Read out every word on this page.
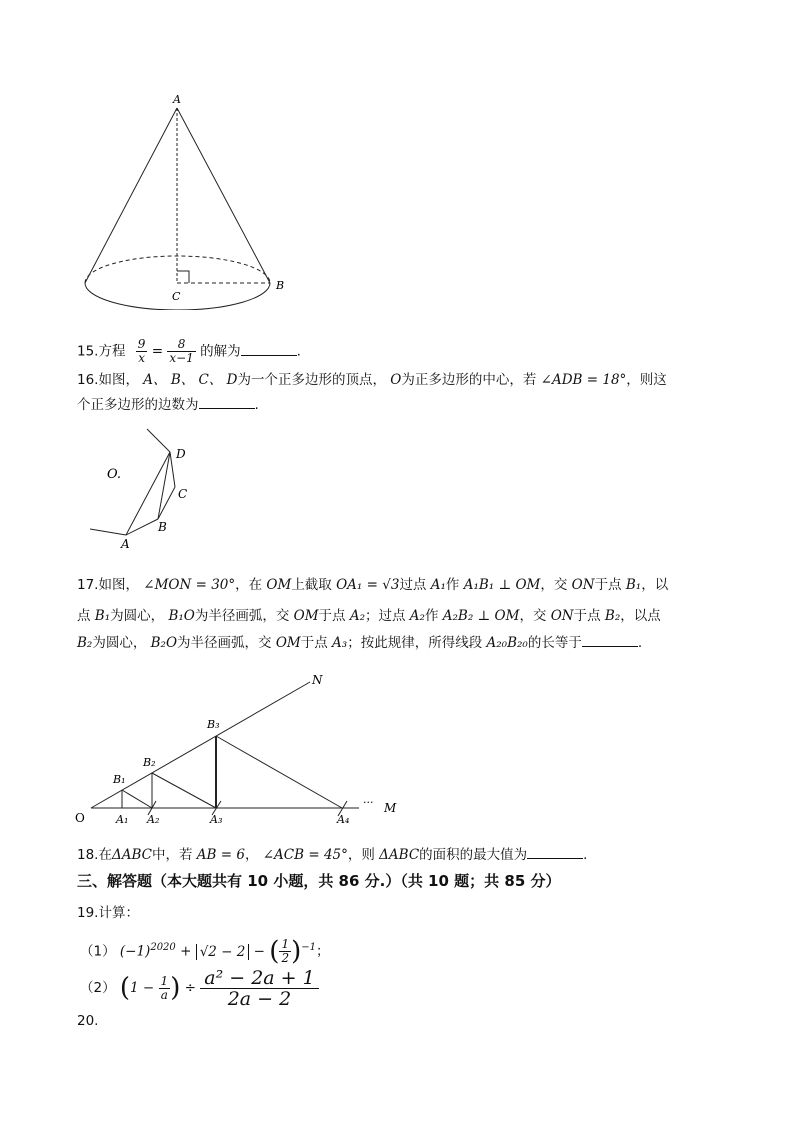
A
C
B
15.方程 $\frac{9}{x} = \frac{8}{x-1}$ 的解为	.
16.如图， A、 B、 C、 D为一个正多边形的顶点， O为正多边形的中心，若 ∠ADB = 18°，则这
个正多边形的边数为	.
O.
D
C
B
A
17.如图， ∠MON = 30°，在 OM上截取 OA₁ = √3过点 A₁作 A₁B₁ ⊥ OM，交 ON于点 B₁，以
点 B₁为圆心， B₁O为半径画弧，交 OM于点 A₂；过点 A₂作 A₂B₂ ⊥ OM，交 ON于点 B₂，以点
B₂为圆心， B₂O为半径画弧，交 OM于点 A₃；按此规律，所得线段 A₂₀B₂₀的长等于	.
N
··· M
O	A₁ A₂	A₃	A₄
B₁
B₂
B₃
18.在ΔABC中，若 AB = 6， ∠ACB = 45°，则 ΔABC的面积的最大值为	.
三、解答题（本大题共有 10 小题，共 86 分.）（共 10 题；共 85 分）
19.计算：
（1） $(-1)^{2020} + √2 - 2$ − ( $\frac{1}{2} )^{-1}$；
（2） ($1 - \frac{1}{a}$ ) ÷ $\frac{\text{a² − 2a + 1}}{2a - 2}$
20.
